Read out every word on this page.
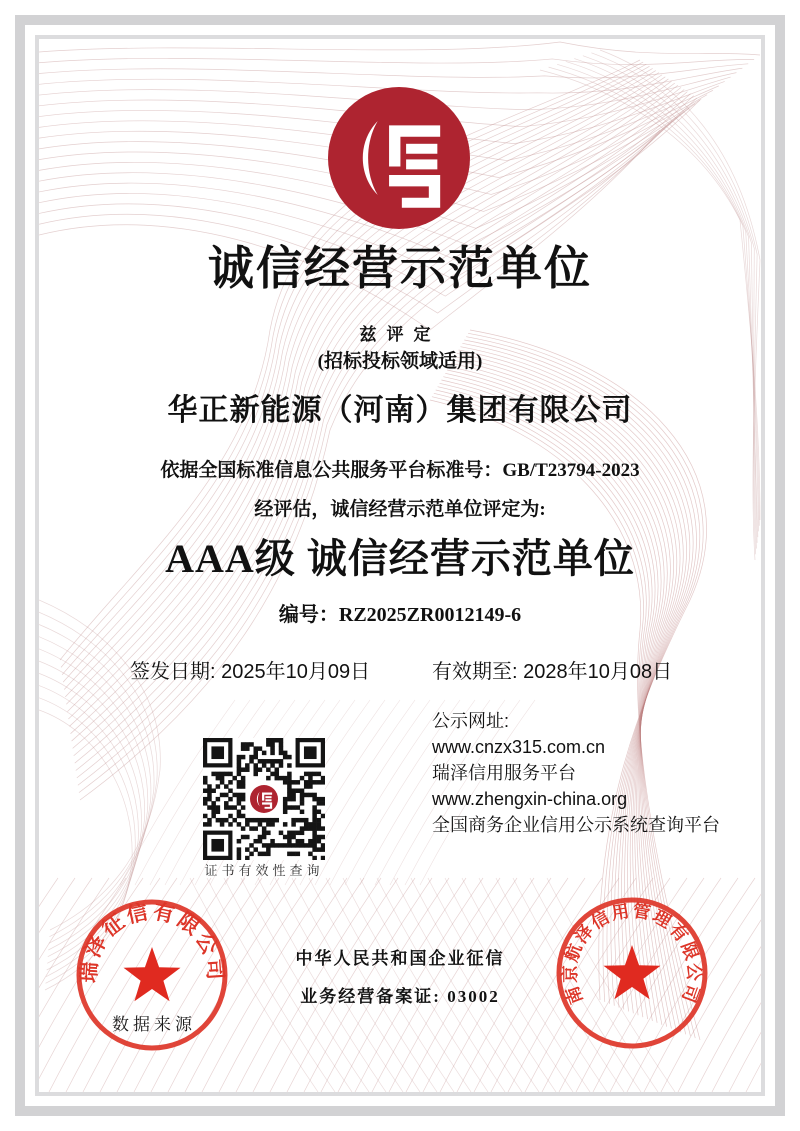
诚信经营示范单位
兹评定
(招标投标领域适用)
华正新能源（河南）集团有限公司
依据全国标准信息公共服务平台标准号：GB/T23794-2023
经评估，诚信经营示范单位评定为:
AAA级 诚信经营示范单位
编号：RZ2025ZR0012149-6
签发日期: 2025年10月09日	有效期至: 2028年10月08日
证书有效性查询
公示网址:
www.cnzx315.com.cn
瑞泽信用服务平台
www.zhengxin-china.org
全国商务企业信用公示系统查询平台
中华人民共和国企业征信
业务经营备案证: 03002
瑞泽征信有限公司
数据来源
南京航泽信用管理有限公司
